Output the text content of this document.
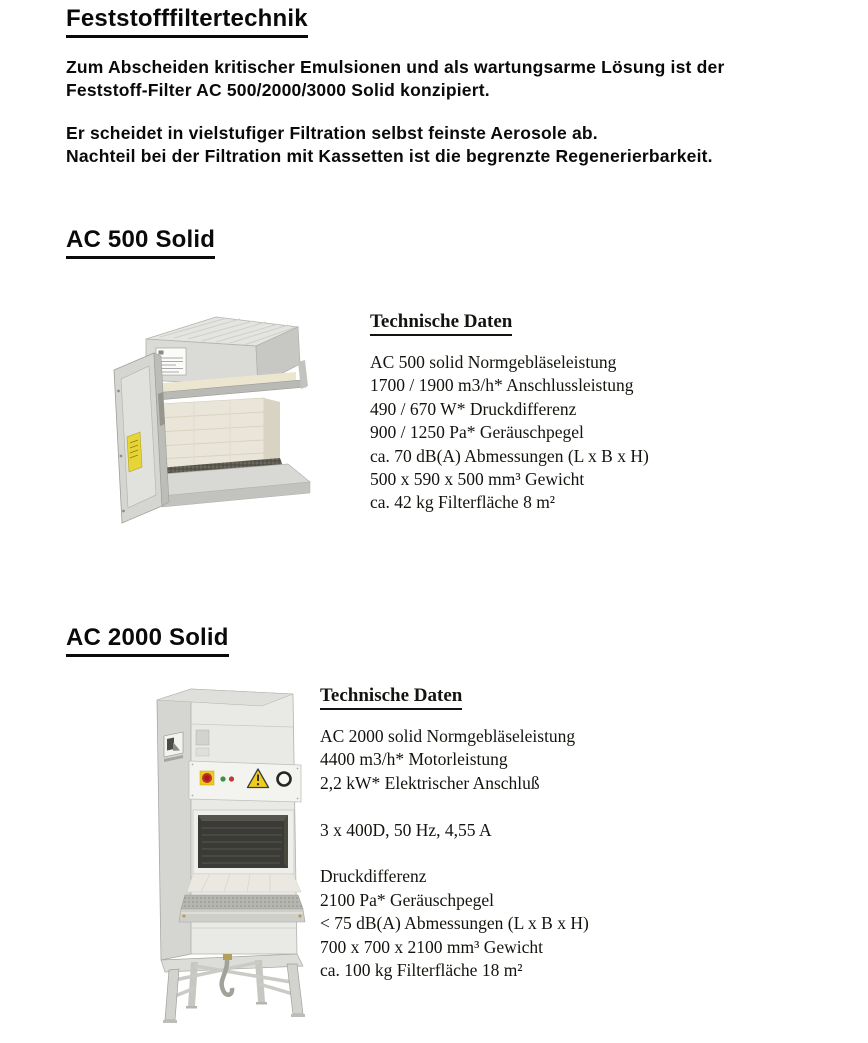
Feststofffiltertechnik
Zum Abscheiden kritischer Emulsionen und als wartungsarme Lösung ist der
Feststoff-Filter AC 500/2000/3000 Solid konzipiert.
Er scheidet in vielstufiger Filtration selbst feinste Aerosole ab.
Nachteil bei der Filtration mit Kassetten ist die begrenzte Regenerierbarkeit.
AC 500 Solid
Technische Daten
AC 500 solid Normgebläseleistung
1700 / 1900 m3/h* Anschlussleistung
490 / 670 W* Druckdifferenz
900 / 1250 Pa* Geräuschpegel
ca. 70 dB(A) Abmessungen (L x B x H)
500 x 590 x 500 mm³ Gewicht
ca. 42 kg Filterfläche 8 m²
AC 2000 Solid
Technische Daten
AC 2000 solid Normgebläseleistung
4400 m3/h* Motorleistung
2,2 kW* Elektrischer Anschluß
3 x 400D, 50 Hz, 4,55 A
Druckdifferenz
2100 Pa* Geräuschpegel
< 75 dB(A) Abmessungen (L x B x H)
700 x 700 x 2100 mm³ Gewicht
ca. 100 kg Filterfläche 18 m²
